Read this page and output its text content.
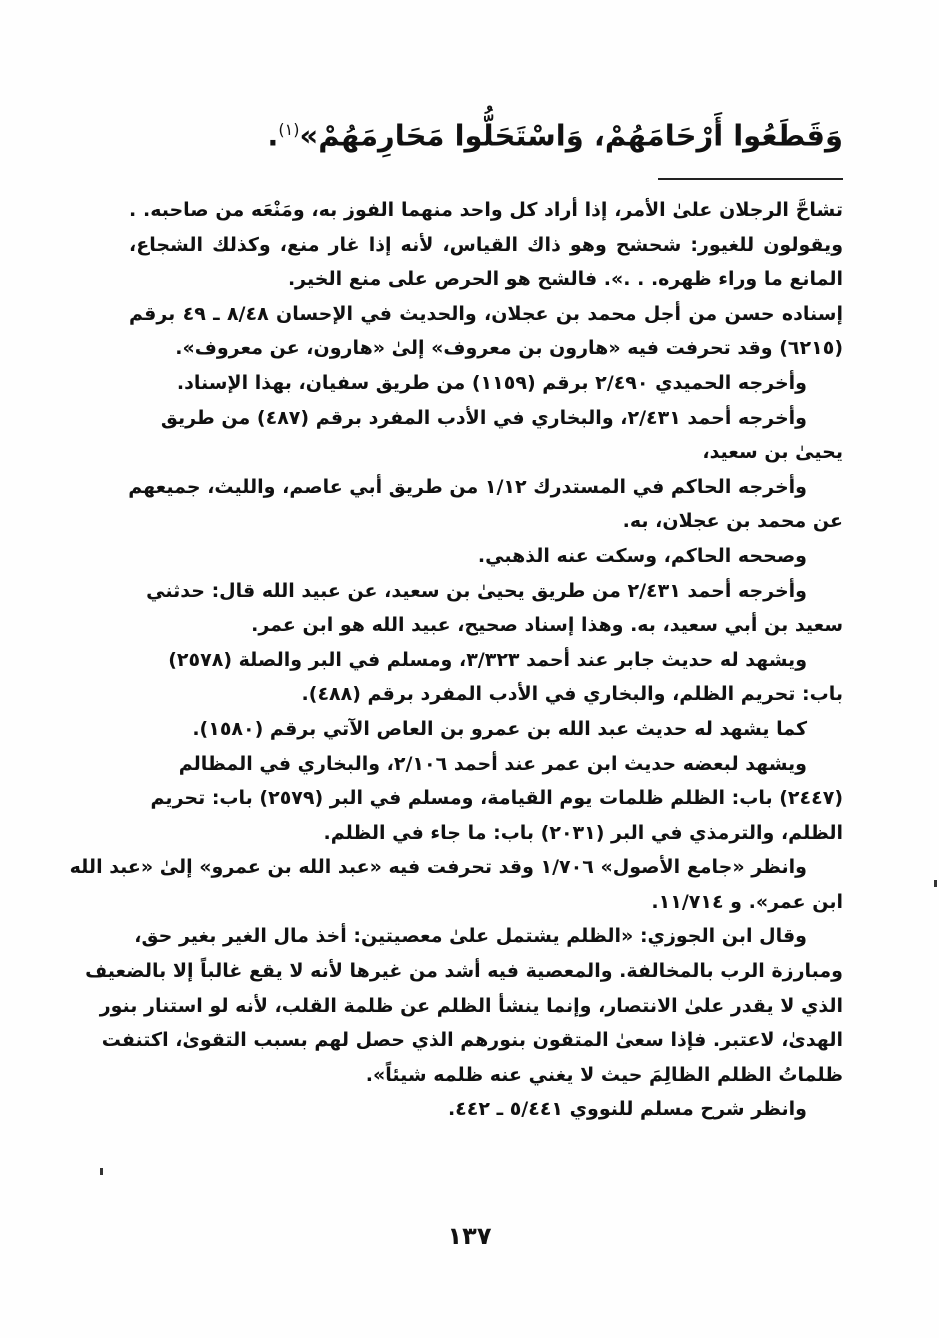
وَقَطَعُوا أَرْحَامَهُمْ، وَاسْتَحَلُّوا مَحَارِمَهُمْ»$^{(١)}$.
تشاحَّ الرجلان علىٰ الأمر، إذا أراد كل واحد منهما الفوز به، ومَنْعَه من صاحبه. .
ويقولون للغيور: شحشح وهو ذاك القياس، لأنه إذا غار منع، وكذلك الشجاع،
المانع ما وراء ظهره. . .». فالشح هو الحرص على منع الخير.
إسناده حسن من أجل محمد بن عجلان، والحديث في الإحسان ٨/٤٨ ـ ٤٩ برقم
(٦٢١٥) وقد تحرفت فيه «هارون بن معروف» إلىٰ «هارون، عن معروف».
وأخرجه الحميدي ٢/٤٩٠ برقم (١١٥٩) من طريق سفيان، بهذا الإسناد.
وأخرجه أحمد ٢/٤٣١، والبخاري في الأدب المفرد برقم (٤٨٧) من طريق
يحيىٰ بن سعيد،
وأخرجه الحاكم في المستدرك ١/١٢ من طريق أبي عاصم، والليث، جميعهم
عن محمد بن عجلان، به.
وصححه الحاكم، وسكت عنه الذهبي.
وأخرجه أحمد ٢/٤٣١ من طريق يحيىٰ بن سعيد، عن عبيد الله قال: حدثني
سعيد بن أبي سعيد، به. وهذا إسناد صحيح، عبيد الله هو ابن عمر.
ويشهد له حديث جابر عند أحمد ٣/٣٢٣، ومسلم في البر والصلة (٢٥٧٨)
باب: تحريم الظلم، والبخاري في الأدب المفرد برقم (٤٨٨).
كما يشهد له حديث عبد الله بن عمرو بن العاص الآتي برقم (١٥٨٠).
ويشهد لبعضه حديث ابن عمر عند أحمد ٢/١٠٦، والبخاري في المظالم
(٢٤٤٧) باب: الظلم ظلمات يوم القيامة، ومسلم في البر (٢٥٧٩) باب: تحريم
الظلم، والترمذي في البر (٢٠٣١) باب: ما جاء في الظلم.
وانظر «جامع الأصول» ١/٧٠٦ وقد تحرفت فيه «عبد الله بن عمرو» إلىٰ «عبد الله
ابن عمر». و ١١/٧١٤.
وقال ابن الجوزي: «الظلم يشتمل علىٰ معصيتين: أخذ مال الغير بغير حق،
ومبارزة الرب بالمخالفة. والمعصية فيه أشد من غيرها لأنه لا يقع غالباً إلا بالضعيف
الذي لا يقدر علىٰ الانتصار، وإنما ينشأ الظلم عن ظلمة القلب، لأنه لو استنار بنور
الهدىٰ، لاعتبر. فإذا سعىٰ المتقون بنورهم الذي حصل لهم بسبب التقوىٰ، اكتنفت
ظلماتُ الظلم الظالِمَ حيث لا يغني عنه ظلمه شيئاً».
وانظر شرح مسلم للنووي ٥/٤٤١ ـ ٤٤٢.
١٣٧
